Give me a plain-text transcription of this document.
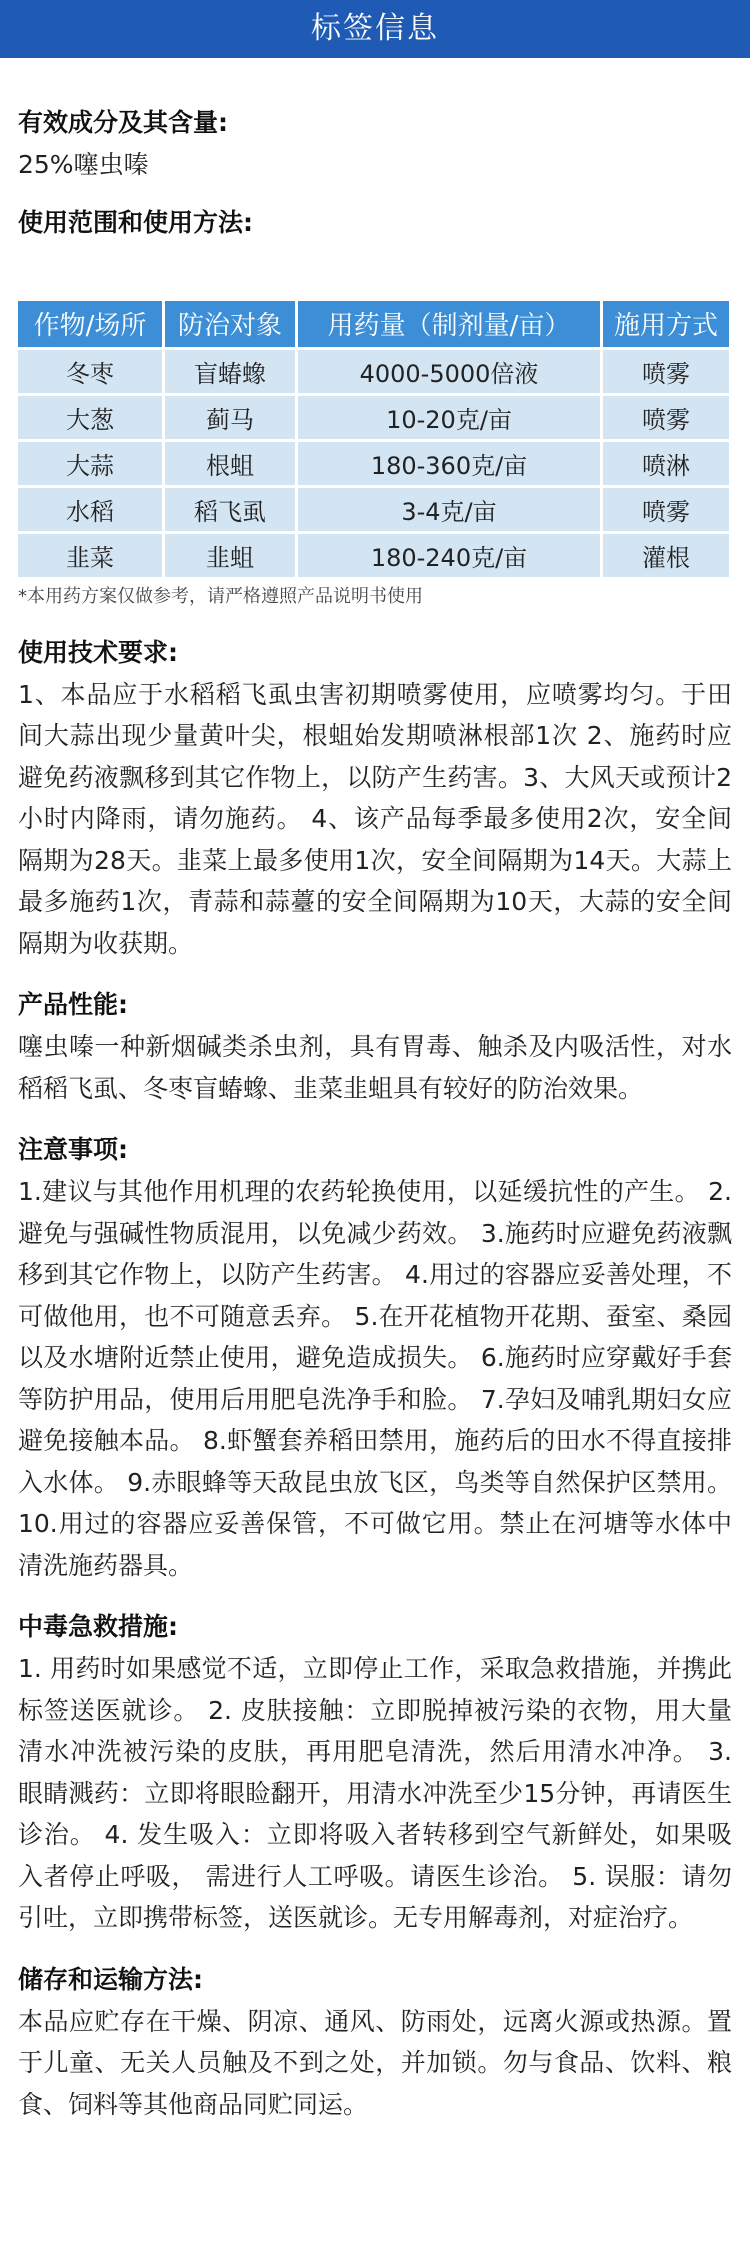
标签信息

有效成分及其含量:

25%噻虫嗪

使用范围和使用方法:

作物/场所	防治对象	用药量（制剂量/亩）	施用方式
冬枣	盲蝽蟓	4000-5000倍液	喷雾
大葱	蓟马	10-20克/亩	喷雾
大蒜	根蛆	180-360克/亩	喷淋
水稻	稻飞虱	3-4克/亩	喷雾
韭菜	韭蛆	180-240克/亩	灌根

*本用药方案仅做参考，请严格遵照产品说明书使用

使用技术要求:

1、本品应于水稻稻飞虱虫害初期喷雾使用，应喷雾均匀。于田间大蒜出现少量黄叶尖，根蛆始发期喷淋根部1次 2、施药时应避免药液飘移到其它作物上，以防产生药害。3、大风天或预计2小时内降雨，请勿施药。 4、该产品每季最多使用2次，安全间隔期为28天。韭菜上最多使用1次，安全间隔期为14天。大蒜上最多施药1次，青蒜和蒜薹的安全间隔期为10天，大蒜的安全间隔期为收获期。

产品性能:

噻虫嗪一种新烟碱类杀虫剂，具有胃毒、触杀及内吸活性，对水稻稻飞虱、冬枣盲蝽蟓、韭菜韭蛆具有较好的防治效果。

注意事项:

1.建议与其他作用机理的农药轮换使用，以延缓抗性的产生。 2.避免与强碱性物质混用，以免减少药效。 3.施药时应避免药液飘移到其它作物上，以防产生药害。 4.用过的容器应妥善处理，不可做他用，也不可随意丢弃。 5.在开花植物开花期、蚕室、桑园以及水塘附近禁止使用，避免造成损失。 6.施药时应穿戴好手套等防护用品，使用后用肥皂洗净手和脸。 7.孕妇及哺乳期妇女应避免接触本品。 8.虾蟹套养稻田禁用，施药后的田水不得直接排入水体。 9.赤眼蜂等天敌昆虫放飞区，鸟类等自然保护区禁用。 10.用过的容器应妥善保管，不可做它用。禁止在河塘等水体中清洗施药器具。

中毒急救措施:

1. 用药时如果感觉不适，立即停止工作，采取急救措施，并携此标签送医就诊。 2. 皮肤接触：立即脱掉被污染的衣物，用大量清水冲洗被污染的皮肤，再用肥皂清洗，然后用清水冲净。 3. 眼睛溅药：立即将眼睑翻开，用清水冲洗至少15分钟，再请医生诊治。 4. 发生吸入：立即将吸入者转移到空气新鲜处，如果吸入者停止呼吸， 需进行人工呼吸。请医生诊治。 5. 误服：请勿引吐，立即携带标签，送医就诊。无专用解毒剂，对症治疗。

储存和运输方法:

本品应贮存在干燥、阴凉、通风、防雨处，远离火源或热源。置于儿童、无关人员触及不到之处，并加锁。勿与食品、饮料、粮食、饲料等其他商品同贮同运。
